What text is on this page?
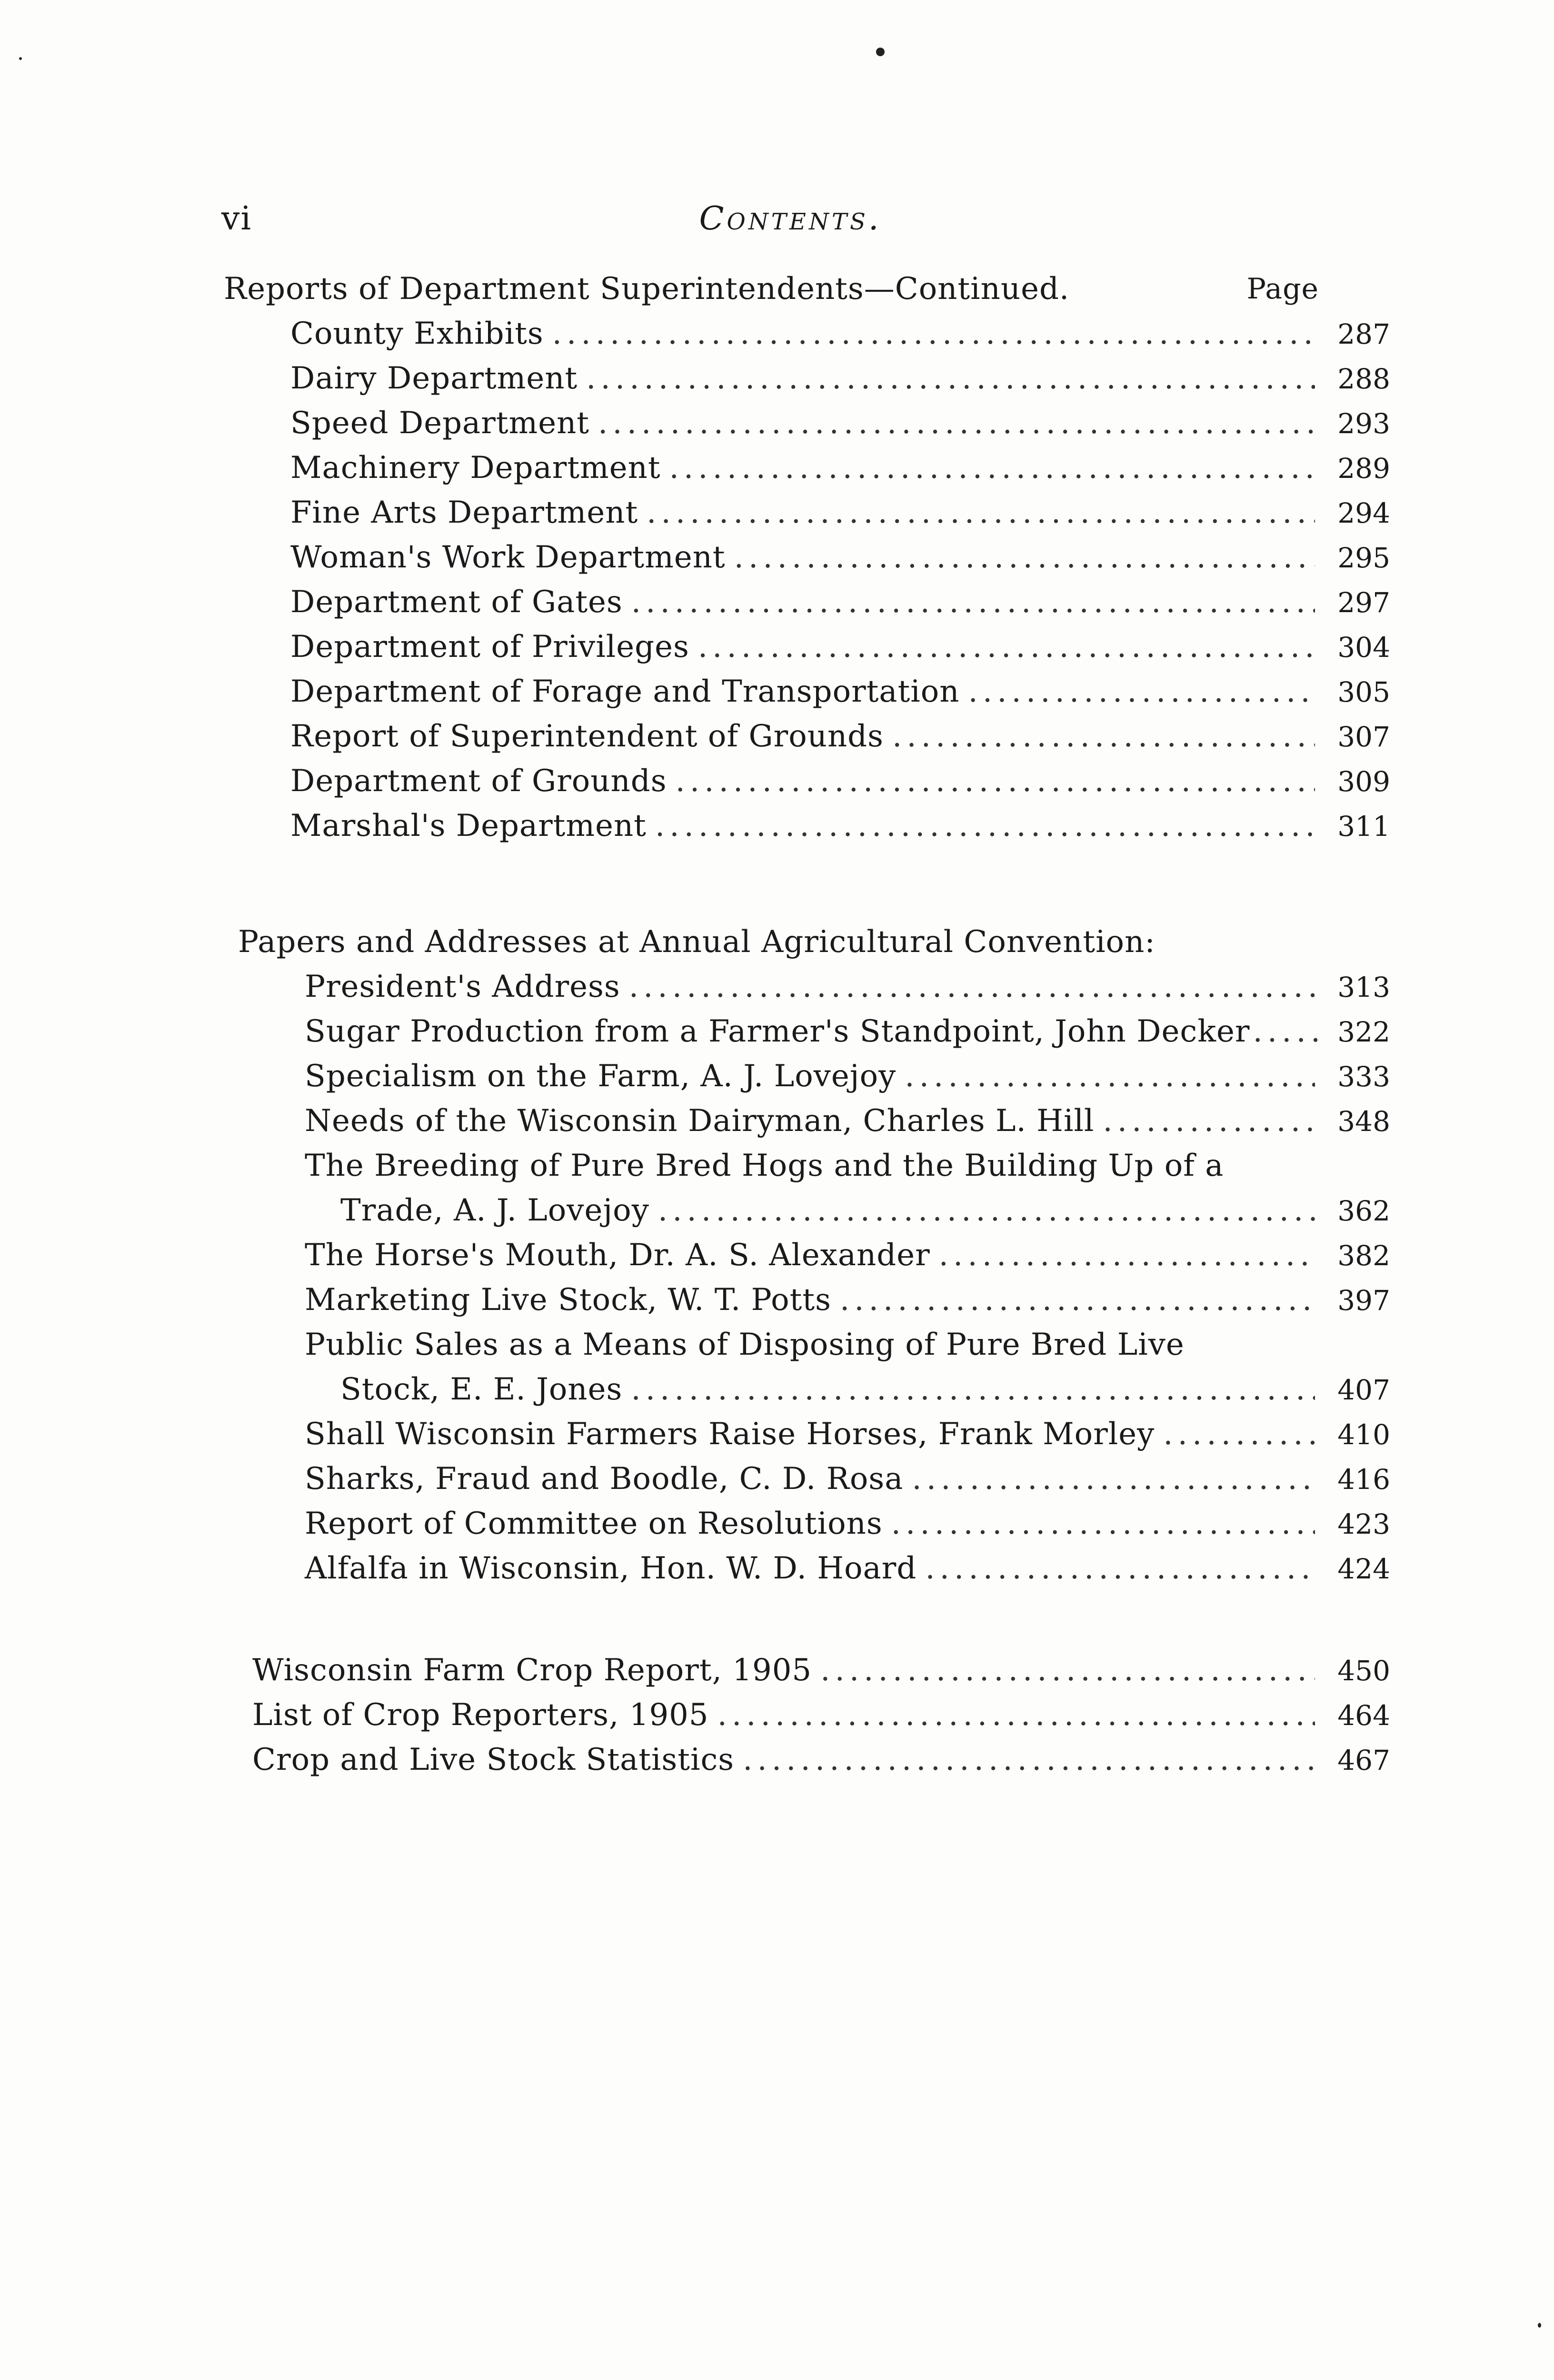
vi	Contents.
Reports of Department Superintendents—Continued.	Page
County Exhibits .....	287
Dairy Department .....	288
Speed Department .....	293
Machinery Department .....	289
Fine Arts Department .....	294
Woman's Work Department .....	295
Department of Gates .....	297
Department of Privileges .....	304
Department of Forage and Transportation .....	305
Report of Superintendent of Grounds .....	307
Department of Grounds .....	309
Marshal's Department .....	311
Papers and Addresses at Annual Agricultural Convention:
President's Address .....	313
Sugar Production from a Farmer's Standpoint, John Decker .....	322
Specialism on the Farm, A. J. Lovejoy .....	333
Needs of the Wisconsin Dairyman, Charles L. Hill .....	348
The Breeding of Pure Bred Hogs and the Building Up of a
Trade, A. J. Lovejoy .....	362
The Horse's Mouth, Dr. A. S. Alexander .....	382
Marketing Live Stock, W. T. Potts .....	397
Public Sales as a Means of Disposing of Pure Bred Live
Stock, E. E. Jones .....	407
Shall Wisconsin Farmers Raise Horses, Frank Morley .....	410
Sharks, Fraud and Boodle, C. D. Rosa .....	416
Report of Committee on Resolutions .....	423
Alfalfa in Wisconsin, Hon. W. D. Hoard .....	424
Wisconsin Farm Crop Report, 1905 .....	450
List of Crop Reporters, 1905 .....	464
Crop and Live Stock Statistics .....	467
